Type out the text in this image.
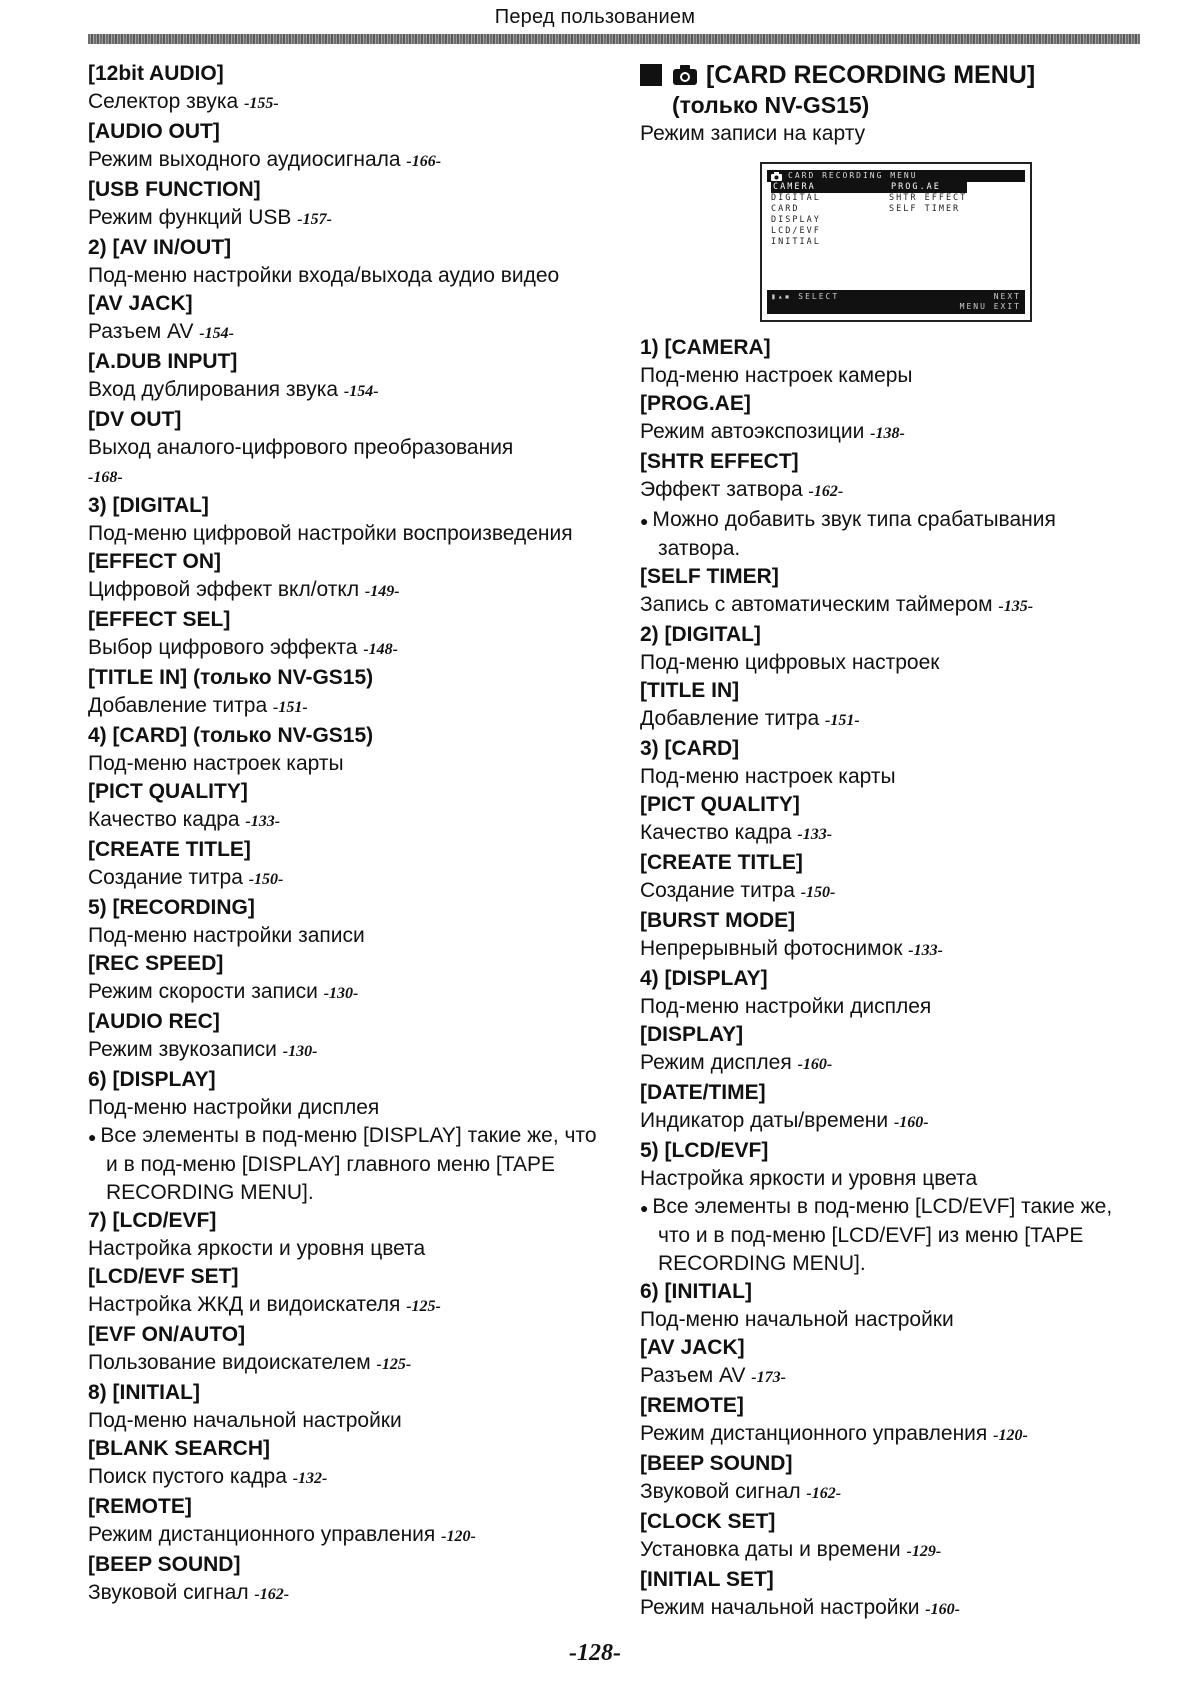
Перед пользованием
[12bit AUDIO]
Селектор звука -155-
[AUDIO OUT]
Режим выходного аудиосигнала -166-
[USB FUNCTION]
Режим функций USB -157-
2) [AV IN/OUT]
Под-меню настройки входа/выхода аудио видео
[AV JACK]
Разъем AV -154-
[A.DUB INPUT]
Вход дублирования звука -154-
[DV OUT]
Выход аналого-цифрового преобразования
-168-
3) [DIGITAL]
Под-меню цифровой настройки воспроизведения
[EFFECT ON]
Цифровой эффект вкл/откл -149-
[EFFECT SEL]
Выбор цифрового эффекта -148-
[TITLE IN] (только NV-GS15)
Добавление титра -151-
4) [CARD] (только NV-GS15)
Под-меню настроек карты
[PICT QUALITY]
Качество кадра -133-
[CREATE TITLE]
Создание титра -150-
5) [RECORDING]
Под-меню настройки записи
[REC SPEED]
Режим скорости записи -130-
[AUDIO REC]
Режим звукозаписи -130-
6) [DISPLAY]
Под-меню настройки дисплея
● Все элементы в под-меню [DISPLAY] такие же, что и в под-меню [DISPLAY] главного меню [TAPE RECORDING MENU].
7) [LCD/EVF]
Настройка яркости и уровня цвета
[LCD/EVF SET]
Настройка ЖКД и видоискателя -125-
[EVF ON/AUTO]
Пользование видоискателем -125-
8) [INITIAL]
Под-меню начальной настройки
[BLANK SEARCH]
Поиск пустого кадра -132-
[REMOTE]
Режим дистанционного управления -120-
[BEEP SOUND]
Звуковой сигнал -162-
[CARD RECORDING MENU]
(только NV-GS15)
Режим записи на карту
CARD RECORDING MENU
CAMERA
DIGITAL
CARD
DISPLAY
LCD/EVF
INITIAL
PROG.AE
SHTR EFFECT
SELF TIMER
▮▴▪ SELECT	NEXT
MENU EXIT
1) [CAMERA]
Под-меню настроек камеры
[PROG.AE]
Режим автоэкспозиции -138-
[SHTR EFFECT]
Эффект затвора -162-
● Можно добавить звук типа срабатывания затвора.
[SELF TIMER]
Запись с автоматическим таймером -135-
2) [DIGITAL]
Под-меню цифровых настроек
[TITLE IN]
Добавление титра -151-
3) [CARD]
Под-меню настроек карты
[PICT QUALITY]
Качество кадра -133-
[CREATE TITLE]
Создание титра -150-
[BURST MODE]
Непрерывный фотоснимок -133-
4) [DISPLAY]
Под-меню настройки дисплея
[DISPLAY]
Режим дисплея -160-
[DATE/TIME]
Индикатор даты/времени -160-
5) [LCD/EVF]
Настройка яркости и уровня цвета
● Все элементы в под-меню [LCD/EVF] такие же, что и в под-меню [LCD/EVF] из меню [TAPE RECORDING MENU].
6) [INITIAL]
Под-меню начальной настройки
[AV JACK]
Разъем AV -173-
[REMOTE]
Режим дистанционного управления -120-
[BEEP SOUND]
Звуковой сигнал -162-
[CLOCK SET]
Установка даты и времени -129-
[INITIAL SET]
Режим начальной настройки -160-
-128-
